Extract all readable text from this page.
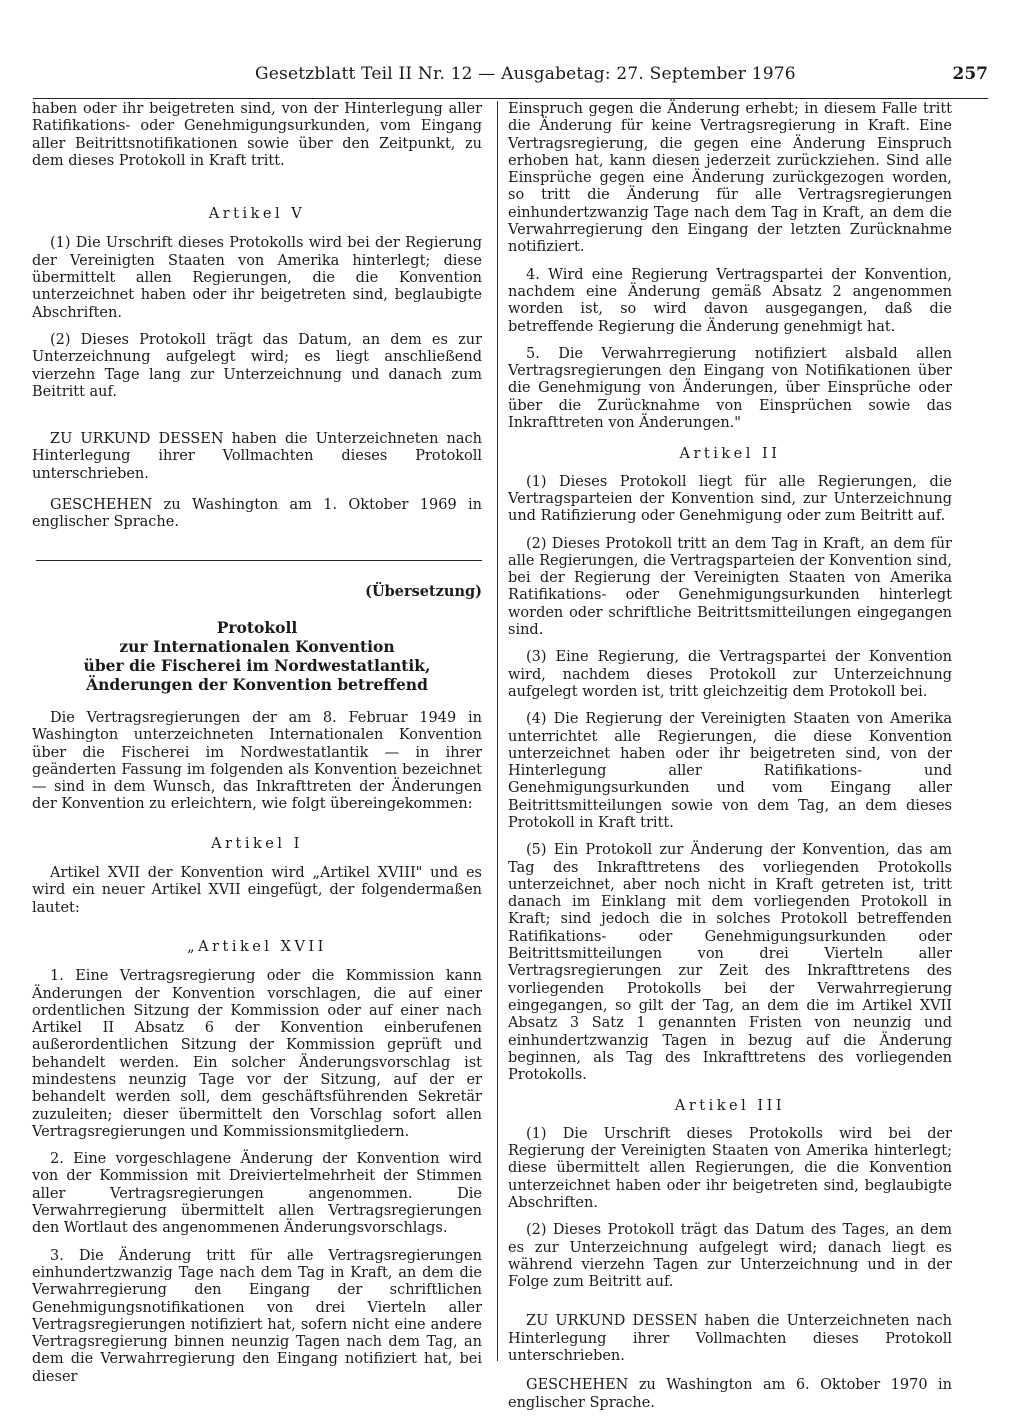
Gesetzblatt Teil II Nr. 12 — Ausgabetag: 27. September 1976	257

haben oder ihr beigetreten sind, von der Hinterlegung aller Ratifikations- oder Genehmigungsurkunden, vom Eingang aller Beitrittsnotifikationen sowie über den Zeitpunkt, zu dem dieses Protokoll in Kraft tritt.

Artikel V

(1) Die Urschrift dieses Protokolls wird bei der Regierung der Vereinigten Staaten von Amerika hinterlegt; diese übermittelt allen Regierungen, die die Konvention unterzeichnet haben oder ihr beigetreten sind, beglaubigte Abschriften.

(2) Dieses Protokoll trägt das Datum, an dem es zur Unterzeichnung aufgelegt wird; es liegt anschließend vierzehn Tage lang zur Unterzeichnung und danach zum Beitritt auf.

ZU URKUND DESSEN haben die Unterzeichneten nach Hinterlegung ihrer Vollmachten dieses Protokoll unterschrieben.

GESCHEHEN zu Washington am 1. Oktober 1969 in englischer Sprache.

(Übersetzung)
Protokoll
zur Internationalen Konvention
über die Fischerei im Nordwestatlantik,
Änderungen der Konvention betreffend

Die Vertragsregierungen der am 8. Februar 1949 in Washington unterzeichneten Internationalen Konvention über die Fischerei im Nordwestatlantik — in ihrer geänderten Fassung im folgenden als Konvention bezeichnet — sind in dem Wunsch, das Inkrafttreten der Änderungen der Konvention zu erleichtern, wie folgt übereingekommen:

Artikel I

Artikel XVII der Konvention wird „Artikel XVIII" und es wird ein neuer Artikel XVII eingefügt, der folgendermaßen lautet:

„Artikel XVII

1. Eine Vertragsregierung oder die Kommission kann Änderungen der Konvention vorschlagen, die auf einer ordentlichen Sitzung der Kommission oder auf einer nach Artikel II Absatz 6 der Konvention einberufenen außerordentlichen Sitzung der Kommission geprüft und behandelt werden. Ein solcher Änderungsvorschlag ist mindestens neunzig Tage vor der Sitzung, auf der er behandelt werden soll, dem geschäftsführenden Sekretär zuzuleiten; dieser übermittelt den Vorschlag sofort allen Vertragsregierungen und Kommissionsmitgliedern.

2. Eine vorgeschlagene Änderung der Konvention wird von der Kommission mit Dreiviertelmehrheit der Stimmen aller Vertragsregierungen angenommen. Die Verwahrregierung übermittelt allen Vertragsregierungen den Wortlaut des angenommenen Änderungsvorschlags.

3. Die Änderung tritt für alle Vertragsregierungen einhundertzwanzig Tage nach dem Tag in Kraft, an dem die Verwahrregierung den Eingang der schriftlichen Genehmigungsnotifikationen von drei Vierteln aller Vertragsregierungen notifiziert hat, sofern nicht eine andere Vertragsregierung binnen neunzig Tagen nach dem Tag, an dem die Verwahrregierung den Eingang notifiziert hat, bei dieser

Einspruch gegen die Änderung erhebt; in diesem Falle tritt die Änderung für keine Vertragsregierung in Kraft. Eine Vertragsregierung, die gegen eine Änderung Einspruch erhoben hat, kann diesen jederzeit zurückziehen. Sind alle Einsprüche gegen eine Änderung zurückgezogen worden, so tritt die Änderung für alle Vertragsregierungen einhundertzwanzig Tage nach dem Tag in Kraft, an dem die Verwahrregierung den Eingang der letzten Zurücknahme notifiziert.

4. Wird eine Regierung Vertragspartei der Konvention, nachdem eine Änderung gemäß Absatz 2 angenommen worden ist, so wird davon ausgegangen, daß die betreffende Regierung die Änderung genehmigt hat.

5. Die Verwahrregierung notifiziert alsbald allen Vertragsregierungen den Eingang von Notifikationen über die Genehmigung von Änderungen, über Einsprüche oder über die Zurücknahme von Einsprüchen sowie das Inkrafttreten von Änderungen."

Artikel II

(1) Dieses Protokoll liegt für alle Regierungen, die Vertragsparteien der Konvention sind, zur Unterzeichnung und Ratifizierung oder Genehmigung oder zum Beitritt auf.

(2) Dieses Protokoll tritt an dem Tag in Kraft, an dem für alle Regierungen, die Vertragsparteien der Konvention sind, bei der Regierung der Vereinigten Staaten von Amerika Ratifikations- oder Genehmigungsurkunden hinterlegt worden oder schriftliche Beitrittsmitteilungen eingegangen sind.

(3) Eine Regierung, die Vertragspartei der Konvention wird, nachdem dieses Protokoll zur Unterzeichnung aufgelegt worden ist, tritt gleichzeitig dem Protokoll bei.

(4) Die Regierung der Vereinigten Staaten von Amerika unterrichtet alle Regierungen, die diese Konvention unterzeichnet haben oder ihr beigetreten sind, von der Hinterlegung aller Ratifikations- und Genehmigungsurkunden und vom Eingang aller Beitrittsmitteilungen sowie von dem Tag, an dem dieses Protokoll in Kraft tritt.

(5) Ein Protokoll zur Änderung der Konvention, das am Tag des Inkrafttretens des vorliegenden Protokolls unterzeichnet, aber noch nicht in Kraft getreten ist, tritt danach im Einklang mit dem vorliegenden Protokoll in Kraft; sind jedoch die in solches Protokoll betreffenden Ratifikations- oder Genehmigungsurkunden oder Beitrittsmitteilungen von drei Vierteln aller Vertragsregierungen zur Zeit des Inkrafttretens des vorliegenden Protokolls bei der Verwahrregierung eingegangen, so gilt der Tag, an dem die im Artikel XVII Absatz 3 Satz 1 genannten Fristen von neunzig und einhundertzwanzig Tagen in bezug auf die Änderung beginnen, als Tag des Inkrafttretens des vorliegenden Protokolls.

Artikel III

(1) Die Urschrift dieses Protokolls wird bei der Regierung der Vereinigten Staaten von Amerika hinterlegt; diese übermittelt allen Regierungen, die die Konvention unterzeichnet haben oder ihr beigetreten sind, beglaubigte Abschriften.

(2) Dieses Protokoll trägt das Datum des Tages, an dem es zur Unterzeichnung aufgelegt wird; danach liegt es während vierzehn Tagen zur Unterzeichnung und in der Folge zum Beitritt auf.

ZU URKUND DESSEN haben die Unterzeichneten nach Hinterlegung ihrer Vollmachten dieses Protokoll unterschrieben.

GESCHEHEN zu Washington am 6. Oktober 1970 in englischer Sprache.
